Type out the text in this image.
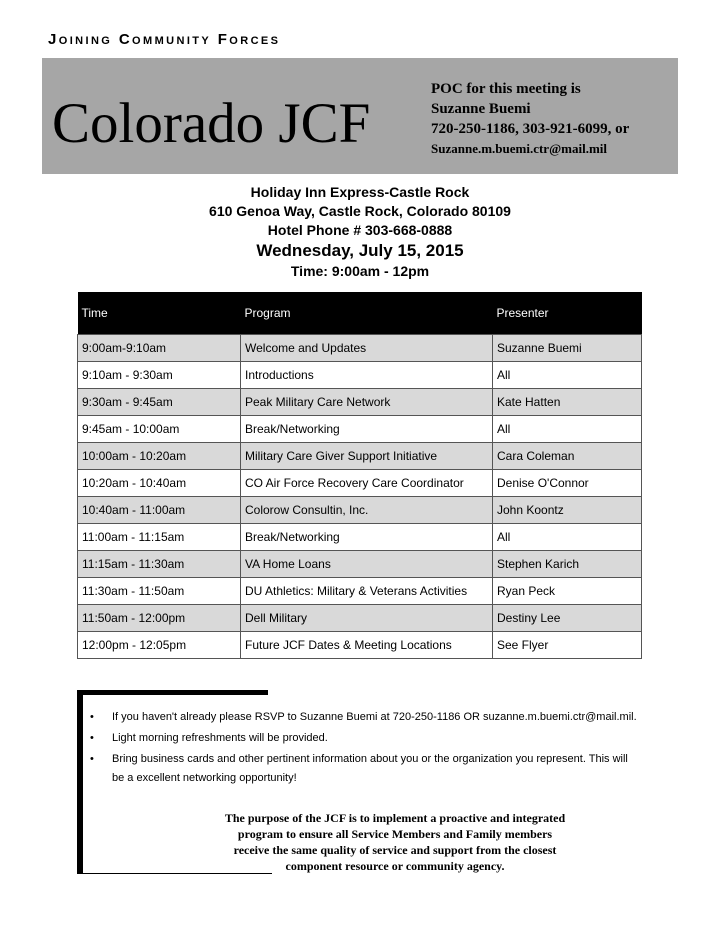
Joining Community Forces
Colorado JCF
POC for this meeting is
Suzanne Buemi
720-250-1186, 303-921-6099, or
Suzanne.m.buemi.ctr@mail.mil
Holiday Inn Express-Castle Rock
610 Genoa Way, Castle Rock, Colorado 80109
Hotel Phone # 303-668-0888
Wednesday, July 15, 2015
Time: 9:00am - 12pm
Time	Program	Presenter
9:00am-9:10am	Welcome and Updates	Suzanne Buemi
9:10am - 9:30am	Introductions	All
9:30am - 9:45am	Peak Military Care Network	Kate Hatten
9:45am - 10:00am	Break/Networking	All
10:00am - 10:20am	Military Care Giver Support Initiative	Cara Coleman
10:20am - 10:40am	CO Air Force Recovery Care Coordinator	Denise O'Connor
10:40am - 11:00am	Colorow Consultin, Inc.	John Koontz
11:00am - 11:15am	Break/Networking	All
11:15am - 11:30am	VA Home Loans	Stephen Karich
11:30am - 11:50am	DU Athletics: Military & Veterans Activities	Ryan Peck
11:50am - 12:00pm	Dell Military	Destiny Lee
12:00pm - 12:05pm	Future JCF Dates & Meeting Locations	See Flyer
• If you haven't already please RSVP to Suzanne Buemi at 720-250-1186 OR suzanne.m.buemi.ctr@mail.mil.
• Light morning refreshments will be provided.
• Bring business cards and other pertinent information about you or the organization you represent. This will be a excellent networking opportunity!
The purpose of the JCF is to implement a proactive and integrated
program to ensure all Service Members and Family members
receive the same quality of service and support from the closest
component resource or community agency.
